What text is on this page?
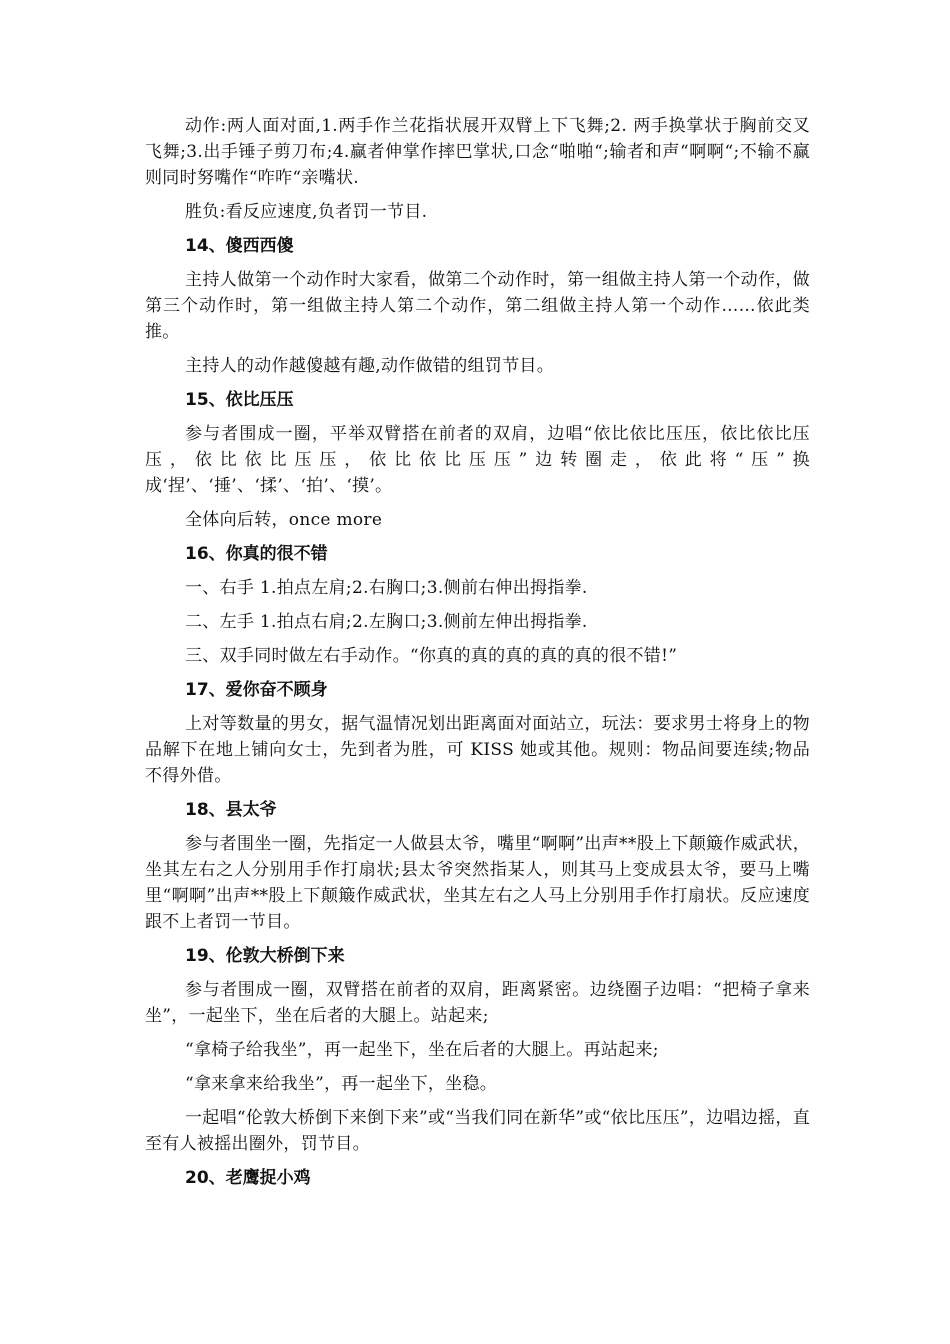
动作:两人面对面,1.两手作兰花指状展开双臂上下飞舞;2. 两手换掌状于胸前交叉飞舞;3.出手锤子剪刀布;4.赢者伸掌作摔巴掌状,口念“啪啪“;输者和声“啊啊“;不输不赢则同时努嘴作“咋咋“亲嘴状.

胜负:看反应速度,负者罚一节目.

14、傻西西傻

主持人做第一个动作时大家看，做第二个动作时，第一组做主持人第一个动作，做第三个动作时，第一组做主持人第二个动作，第二组做主持人第一个动作……依此类推。

主持人的动作越傻越有趣,动作做错的组罚节目。

15、依比压压

参与者围成一圈，平举双臂搭在前者的双肩，边唱“依比依比压压，依比依比压压，依比依比压压，依比依比压压”边转圈走，依此将“压”换成‘捏’、‘捶’、‘揉’、‘拍’、‘摸’。

全体向后转，once more

16、你真的很不错

一、右手 1.拍点左肩;2.右胸口;3.侧前右伸出拇指拳.

二、左手 1.拍点右肩;2.左胸口;3.侧前左伸出拇指拳.

三、双手同时做左右手动作。“你真的真的真的真的真的很不错!”

17、爱你奋不顾身

上对等数量的男女，据气温情况划出距离面对面站立，玩法：要求男士将身上的物品解下在地上铺向女士，先到者为胜，可 KISS 她或其他。规则：物品间要连续;物品不得外借。

18、县太爷

参与者围坐一圈，先指定一人做县太爷，嘴里“啊啊”出声**股上下颠簸作威武状，坐其左右之人分别用手作打扇状;县太爷突然指某人，则其马上变成县太爷，要马上嘴里“啊啊”出声**股上下颠簸作威武状，坐其左右之人马上分别用手作打扇状。反应速度跟不上者罚一节目。

19、伦敦大桥倒下来

参与者围成一圈，双臂搭在前者的双肩，距离紧密。边绕圈子边唱：“把椅子拿来坐”，一起坐下，坐在后者的大腿上。站起来;

“拿椅子给我坐”，再一起坐下，坐在后者的大腿上。再站起来;

“拿来拿来给我坐”，再一起坐下，坐稳。

一起唱“伦敦大桥倒下来倒下来”或“当我们同在新华”或“依比压压”，边唱边摇，直至有人被摇出圈外，罚节目。

20、老鹰捉小鸡
